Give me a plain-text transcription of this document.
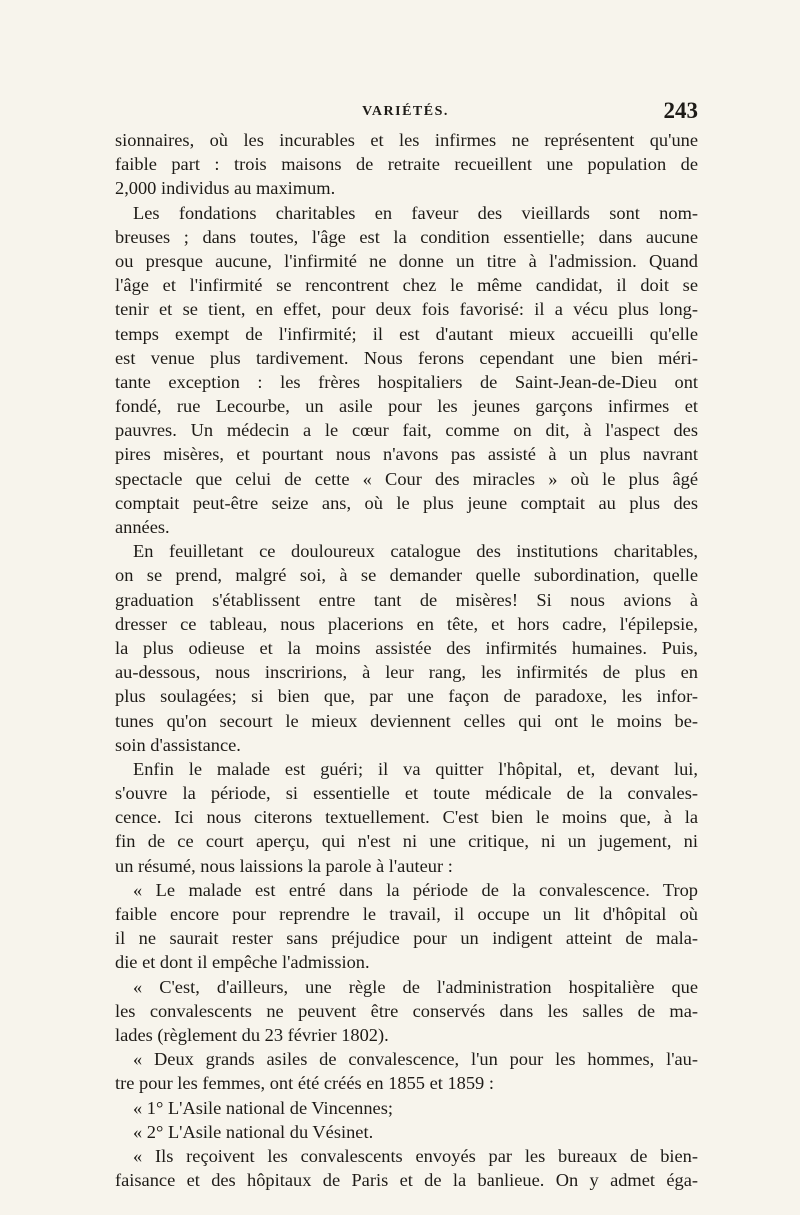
VARIÉTÉS.	243
sionnaires, où les incurables et les infirmes ne représentent qu'une
faible part : trois maisons de retraite recueillent une population de
2,000 individus au maximum.
Les fondations charitables en faveur des vieillards sont nom-
breuses ; dans toutes, l'âge est la condition essentielle; dans aucune
ou presque aucune, l'infirmité ne donne un titre à l'admission. Quand
l'âge et l'infirmité se rencontrent chez le même candidat, il doit se
tenir et se tient, en effet, pour deux fois favorisé: il a vécu plus long-
temps exempt de l'infirmité; il est d'autant mieux accueilli qu'elle
est venue plus tardivement. Nous ferons cependant une bien méri-
tante exception : les frères hospitaliers de Saint-Jean-de-Dieu ont
fondé, rue Lecourbe, un asile pour les jeunes garçons infirmes et
pauvres. Un médecin a le cœur fait, comme on dit, à l'aspect des
pires misères, et pourtant nous n'avons pas assisté à un plus navrant
spectacle que celui de cette « Cour des miracles » où le plus âgé
comptait peut-être seize ans, où le plus jeune comptait au plus des
années.
En feuilletant ce douloureux catalogue des institutions charitables,
on se prend, malgré soi, à se demander quelle subordination, quelle
graduation s'établissent entre tant de misères! Si nous avions à
dresser ce tableau, nous placerions en tête, et hors cadre, l'épilepsie,
la plus odieuse et la moins assistée des infirmités humaines. Puis,
au-dessous, nous inscririons, à leur rang, les infirmités de plus en
plus soulagées; si bien que, par une façon de paradoxe, les infor-
tunes qu'on secourt le mieux deviennent celles qui ont le moins be-
soin d'assistance.
Enfin le malade est guéri; il va quitter l'hôpital, et, devant lui,
s'ouvre la période, si essentielle et toute médicale de la convales-
cence. Ici nous citerons textuellement. C'est bien le moins que, à la
fin de ce court aperçu, qui n'est ni une critique, ni un jugement, ni
un résumé, nous laissions la parole à l'auteur :
« Le malade est entré dans la période de la convalescence. Trop
faible encore pour reprendre le travail, il occupe un lit d'hôpital où
il ne saurait rester sans préjudice pour un indigent atteint de mala-
die et dont il empêche l'admission.
« C'est, d'ailleurs, une règle de l'administration hospitalière que
les convalescents ne peuvent être conservés dans les salles de ma-
lades (règlement du 23 février 1802).
« Deux grands asiles de convalescence, l'un pour les hommes, l'au-
tre pour les femmes, ont été créés en 1855 et 1859 :
« 1° L'Asile national de Vincennes;
« 2° L'Asile national du Vésinet.
« Ils reçoivent les convalescents envoyés par les bureaux de bien-
faisance et des hôpitaux de Paris et de la banlieue. On y admet éga-
